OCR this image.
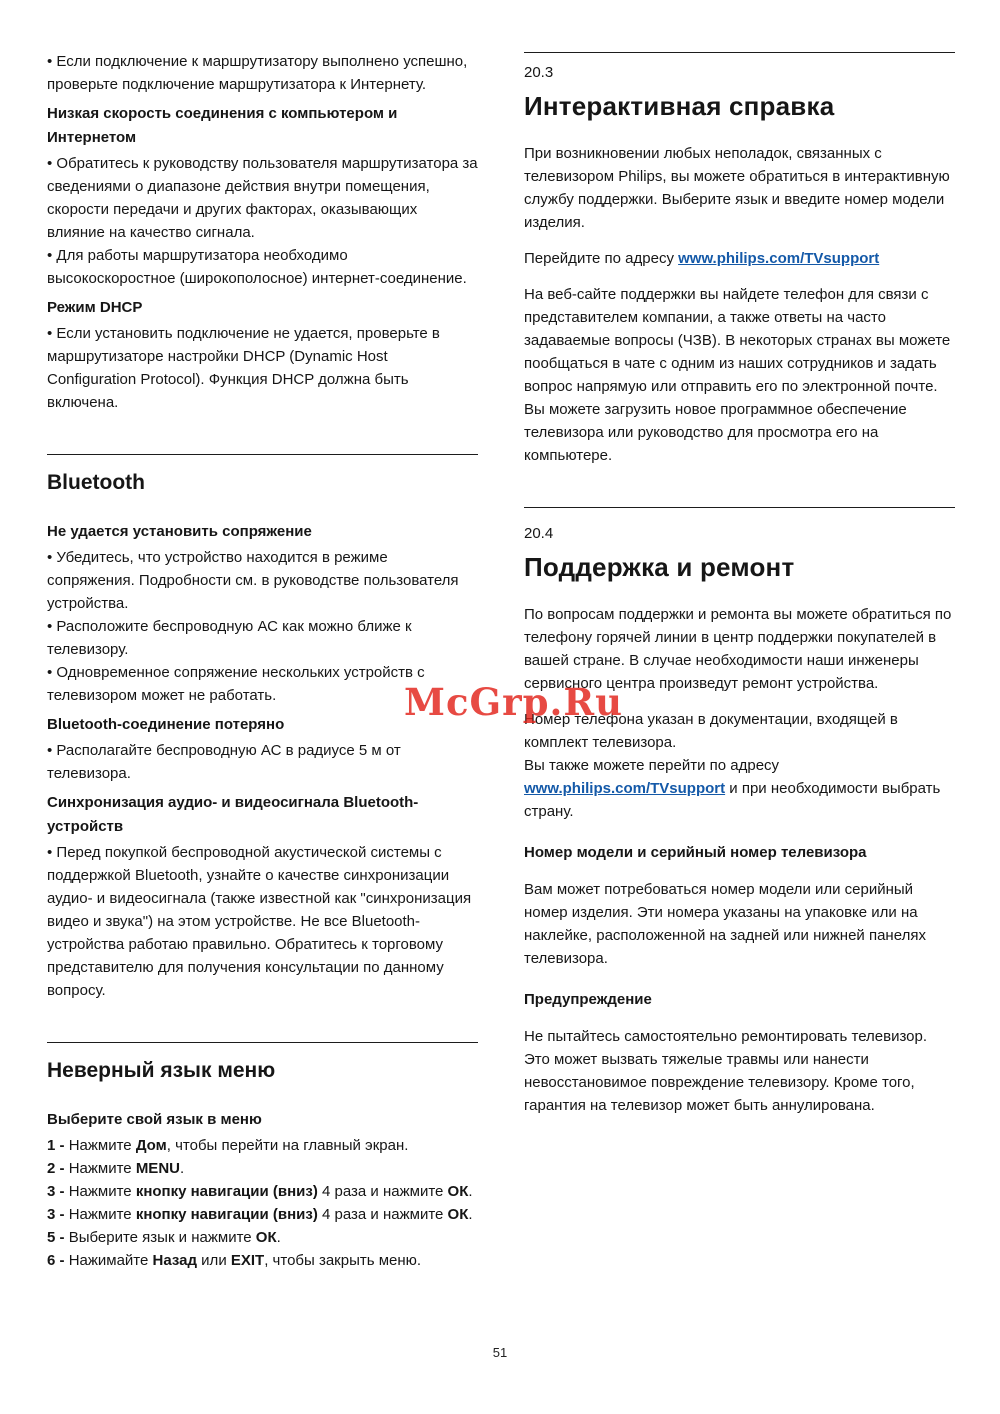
• Если подключение к маршрутизатору выполнено успешно, проверьте подключение маршрутизатора к Интернету.
Низкая скорость соединения с компьютером и Интернетом
• Обратитесь к руководству пользователя маршрутизатора за сведениями о диапазоне действия внутри помещения, скорости передачи и других факторах, оказывающих влияние на качество сигнала.
• Для работы маршрутизатора необходимо высокоскоростное (широкополосное) интернет-соединение.
Режим DHCP
• Если установить подключение не удается, проверьте в маршрутизаторе настройки DHCP (Dynamic Host Configuration Protocol). Функция DHCP должна быть включена.
Bluetooth
Не удается установить сопряжение
• Убедитесь, что устройство находится в режиме сопряжения. Подробности см. в руководстве пользователя устройства.
• Расположите беспроводную АС как можно ближе к телевизору.
• Одновременное сопряжение нескольких устройств с телевизором может не работать.
Bluetooth-соединение потеряно
• Располагайте беспроводную АС в радиусе 5 м от телевизора.
Синхронизация аудио- и видеосигнала Bluetooth-устройств
• Перед покупкой беспроводной акустической системы с поддержкой Bluetooth, узнайте о качестве синхронизации аудио- и видеосигнала (также известной как "синхронизация видео и звука") на этом устройстве. Не все Bluetooth-устройства работаю правильно. Обратитесь к торговому представителю для получения консультации по данному вопросу.
Неверный язык меню
Выберите свой язык в меню
1 - Нажмите Дом, чтобы перейти на главный экран.
2 - Нажмите MENU.
3 - Нажмите кнопку навигации (вниз) 4 раза и нажмите ОК.
3 - Нажмите кнопку навигации (вниз) 4 раза и нажмите ОК.
5 - Выберите язык и нажмите ОК.
6 - Нажимайте Назад или EXIT, чтобы закрыть меню.
20.3
Интерактивная справка
При возникновении любых неполадок, связанных с телевизором Philips, вы можете обратиться в интерактивную службу поддержки. Выберите язык и введите номер модели изделия.
Перейдите по адресу www.philips.com/TVsupport
На веб-сайте поддержки вы найдете телефон для связи с представителем компании, а также ответы на часто задаваемые вопросы (ЧЗВ). В некоторых странах вы можете пообщаться в чате с одним из наших сотрудников и задать вопрос напрямую или отправить его по электронной почте.
Вы можете загрузить новое программное обеспечение телевизора или руководство для просмотра его на компьютере.
20.4
Поддержка и ремонт
По вопросам поддержки и ремонта вы можете обратиться по телефону горячей линии в центр поддержки покупателей в вашей стране. В случае необходимости наши инженеры сервисного центра произведут ремонт устройства.
Номер телефона указан в документации, входящей в комплект телевизора.
Вы также можете перейти по адресу www.philips.com/TVsupport и при необходимости выбрать страну.
Номер модели и серийный номер телевизора
Вам может потребоваться номер модели или серийный номер изделия. Эти номера указаны на упаковке или на наклейке, расположенной на задней или нижней панелях телевизора.
Предупреждение
Не пытайтесь самостоятельно ремонтировать телевизор. Это может вызвать тяжелые травмы или нанести невосстановимое повреждение телевизору. Кроме того, гарантия на телевизор может быть аннулирована.
McGrp.Ru
51
